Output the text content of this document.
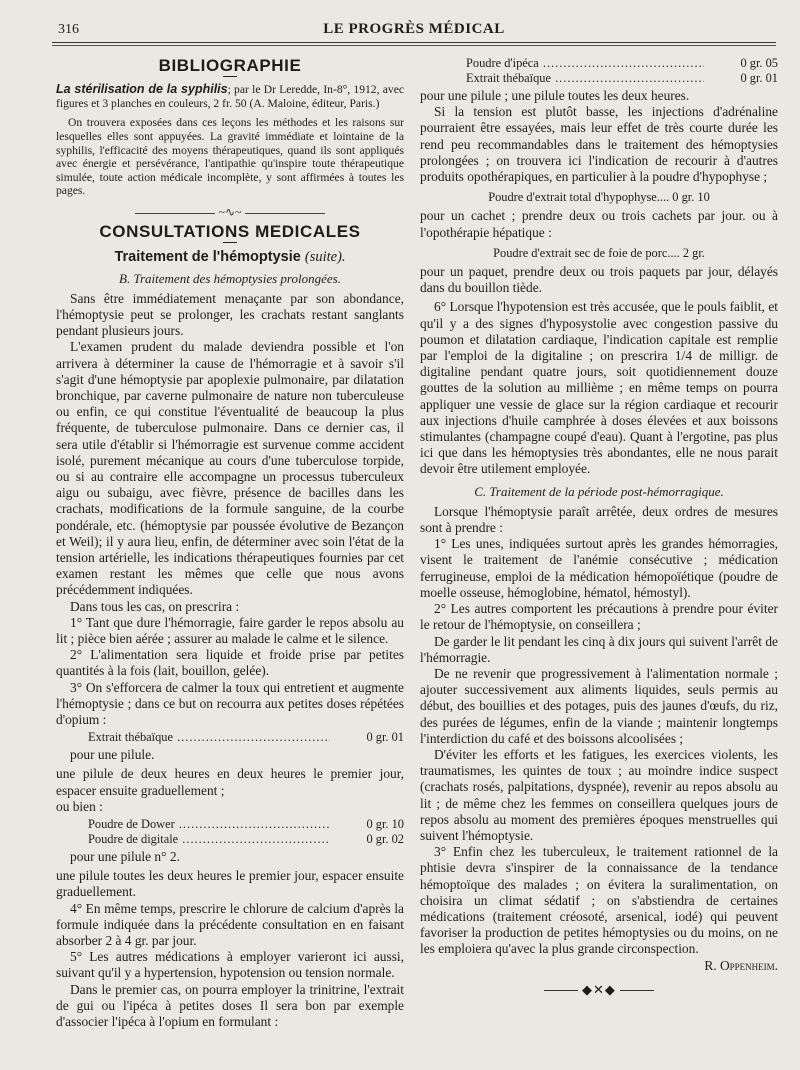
316	LE PROGRÈS MÉDICAL
BIBLIOGRAPHIE

La stérilisation de la syphilis; par le Dr Leredde, In-8°, 1912, avec figures et 3 planches en couleurs, 2 fr. 50 (A. Maloine, éditeur, Paris.)

On trouvera exposées dans ces leçons les méthodes et les raisons sur lesquelles elles sont appuyées. La gravité immédiate et lointaine de la syphilis, l'efficacité des moyens thérapeutiques, quand ils sont appliqués avec énergie et persévérance, l'antipathie qu'inspire toute thérapeutique simulée, toute action médicale incomplète, y sont affirmées à toutes les pages.

~∿~
CONSULTATIONS MEDICALES
Traitement de l'hémoptysie (suite).
B. Traitement des hémoptysies prolongées.

Sans être immédiatement menaçante par son abondance, l'hémoptysie peut se prolonger, les crachats restant sanglants pendant plusieurs jours.

L'examen prudent du malade deviendra possible et l'on arrivera à déterminer la cause de l'hémorragie et à savoir s'il s'agit d'une hémoptysie par apoplexie pulmonaire, par dilatation bronchique, par caverne pulmonaire de nature non tuberculeuse ou enfin, ce qui constitue l'éventualité de beaucoup la plus fréquente, de tuberculose pulmonaire. Dans ce dernier cas, il sera utile d'établir si l'hémorragie est survenue comme accident isolé, purement mécanique au cours d'une tuberculose torpide, ou si au contraire elle accompagne un processus tuberculeux aigu ou subaigu, avec fièvre, présence de bacilles dans les crachats, modifications de la formule sanguine, de la courbe pondérale, etc. (hémoptysie par poussée évolutive de Bezançon et Weil); il y aura lieu, enfin, de déterminer avec soin l'état de la tension artérielle, les indications thérapeutiques fournies par cet examen restant les mêmes que celle que nous avons précédemment indiquées.

Dans tous les cas, on prescrira :

1° Tant que dure l'hémorragie, faire garder le repos absolu au lit ; pièce bien aérée ; assurer au malade le calme et le silence.

2° L'alimentation sera liquide et froide prise par petites quantités à la fois (lait, bouillon, gelée).

3° On s'efforcera de calmer la toux qui entretient et augmente l'hémoptysie ; dans ce but on recourra aux petites doses répétées d'opium :

Extrait thébaïque .....	0 gr. 01

pour une pilule.

une pilule de deux heures en deux heures le premier jour, espacer ensuite graduellement ;

ou bien :

Poudre de Dower .....	0 gr. 10
Poudre de digitale .....	0 gr. 02

pour une pilule n° 2.

une pilule toutes les deux heures le premier jour, espacer ensuite graduellement.

4° En même temps, prescrire le chlorure de calcium d'après la formule indiquée dans la précédente consultation en en faisant absorber 2 à 4 gr. par jour.

5° Les autres médications à employer varieront ici aussi, suivant qu'il y a hypertension, hypotension ou tension normale.

Dans le premier cas, on pourra employer la trinitrine, l'extrait de gui ou l'ipéca à petites doses Il sera bon par exemple d'associer l'ipéca à l'opium en formulant :

Poudre d'ipéca .....	0 gr. 05
Extrait thébaïque .....	0 gr. 01

pour une pilule ; une pilule toutes les deux heures.

Si la tension est plutôt basse, les injections d'adrénaline pourraient être essayées, mais leur effet de très courte durée les rend peu recommandables dans le traitement des hémoptysies prolongées ; on trouvera ici l'indication de recourir à d'autres produits opothérapiques, en particulier à la poudre d'hypophyse ;

Poudre d'extrait total d'hypophyse.... 0 gr. 10

pour un cachet ; prendre deux ou trois cachets par jour. ou à l'opothérapie hépatique :

Poudre d'extrait sec de foie de porc.... 2 gr.

pour un paquet, prendre deux ou trois paquets par jour, délayés dans du bouillon tiède.

6° Lorsque l'hypotension est très accusée, que le pouls faiblit, et qu'il y a des signes d'hyposystolie avec congestion passive du poumon et dilatation cardiaque, l'indication capitale est remplie par l'emploi de la digitaline ; on prescrira 1/4 de milligr. de digitaline pendant quatre jours, soit quotidiennement douze gouttes de la solution au millième ; en même temps on pourra appliquer une vessie de glace sur la région cardiaque et recourir aux injections d'huile camphrée à doses élevées et aux boissons stimulantes (champagne coupé d'eau). Quant à l'ergotine, pas plus ici que dans les hémoptysies très abondantes, elle ne nous parait devoir être utilement employée.

C. Traitement de la période post-hémorragique.

Lorsque l'hémoptysie paraît arrêtée, deux ordres de mesures sont à prendre :

1° Les unes, indiquées surtout après les grandes hémorragies, visent le traitement de l'anémie consécutive ; médication ferrugineuse, emploi de la médication hémopoïétique (poudre de moelle osseuse, hémoglobine, hématol, hémostyl).

2° Les autres comportent les précautions à prendre pour éviter le retour de l'hémoptysie, on conseillera ;

De garder le lit pendant les cinq à dix jours qui suivent l'arrêt de l'hémorragie.

De ne revenir que progressivement à l'alimentation normale ; ajouter successivement aux aliments liquides, seuls permis au début, des bouillies et des potages, puis des jaunes d'œufs, du riz, des purées de légumes, enfin de la viande ; maintenir longtemps l'interdiction du café et des boissons alcoolisées ;

D'éviter les efforts et les fatigues, les exercices violents, les traumatismes, les quintes de toux ; au moindre indice suspect (crachats rosés, palpitations, dyspnée), revenir au repos absolu au lit ; de même chez les femmes on conseillera quelques jours de repos absolu au moment des premières époques menstruelles qui suivent l'hémoptysie.

3° Enfin chez les tuberculeux, le traitement rationnel de la phtisie devra s'inspirer de la connaissance de la tendance hémoptoïque des malades ; on évitera la suralimentation, on choisira un climat sédatif ; on s'abstiendra de certaines médications (traitement créosoté, arsenical, iodé) qui peuvent favoriser la production de petites hémoptysies ou du moins, on ne les emploiera qu'avec la plus grande circonspection.

R. Oppenheim.
◆✕◆
